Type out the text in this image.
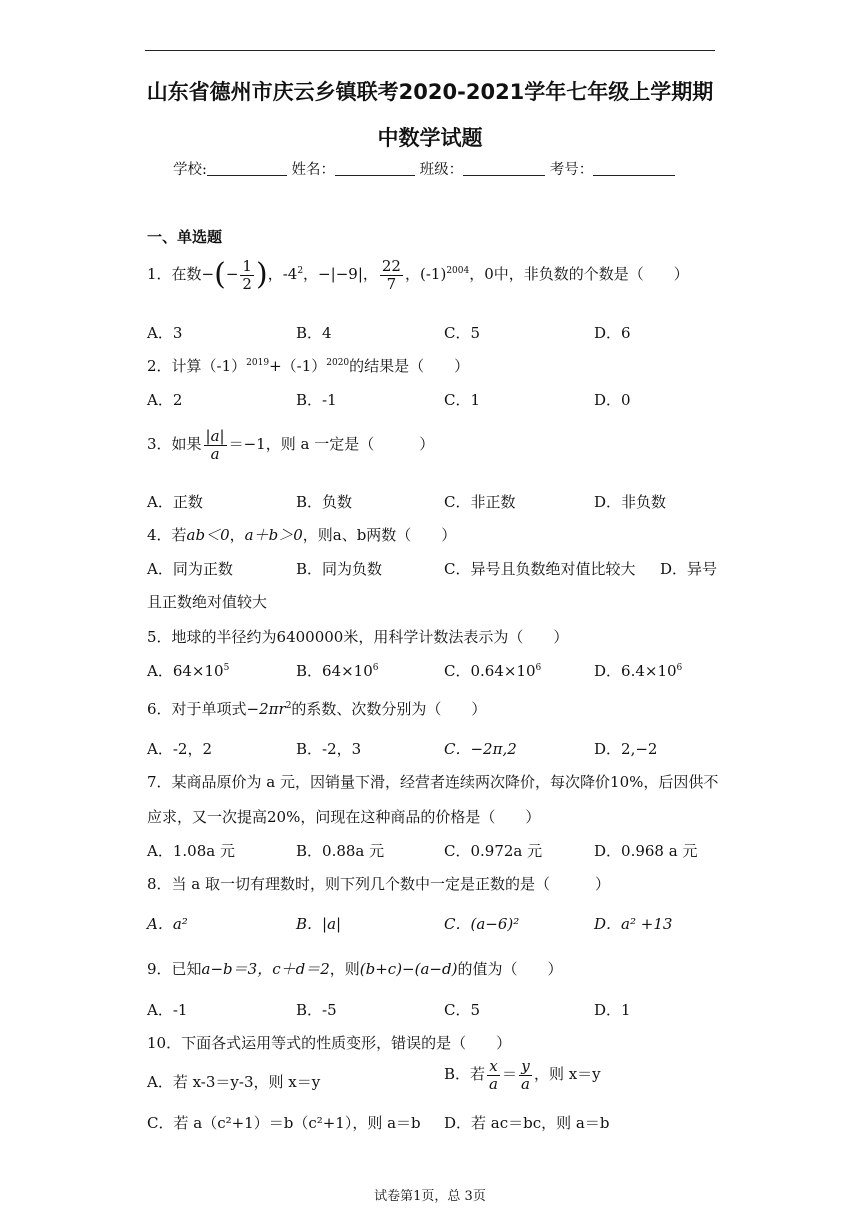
山东省德州市庆云乡镇联考2020-2021学年七年级上学期期
中数学试题
学校:	姓名：	班级：	考号：
一、单选题
1．在数−(− $\frac{1}{2}$ )，$-4^2$，−|−9|， $\frac{22}{7}$ ，$(-1)^{2004}$，0中，非负数的个数是（　　）
A．3	B．4	C．5	D．6
2．计算$(-1)^{2019}+(-1)^{2020}$的结果是（　　）
A．2	B．-1	C．1	D．0
3．如果 $\frac{|a|}{a} =-1$，则 a 一定是（　　　）
A．正数	B．负数	C．非正数	D．非负数
4．若ab＜0，a＋b＞0，则a、b两数（　　）
A．同为正数	B．同为负数	C．异号且负数绝对值比较大 D．异号
且正数绝对值较大
5．地球的半径约为6400000米，用科学计数法表示为（　　）
A．$64\times 10^5$	B．$64\times 10^6$	C．$0.64\times 10^6$	D．$6.4\times 10^6$
6．对于单项式$-2\pi r^2$的系数、次数分别为（　　）
A．-2，2	B．-2，3	C．−2π,2	D．2,−2
7．某商品原价为 a 元，因销量下滑，经营者连续两次降价，每次降价10%，后因供不
应求，又一次提高20%，问现在这种商品的价格是（　　）
A．1.08a 元	B．0.88a 元	C．0.972a 元	D．0.968 a 元
8．当 a 取一切有理数时，则下列几个数中一定是正数的是（　　　）
A．a²	B．|a|	C．(a−6)²	D．a² +13
9．已知a−b＝3，c＋d＝2，则(b+c)−(a−d)的值为（　　）
A．-1	B．-5	C．5	D．1
10．下面各式运用等式的性质变形，错误的是（　　）
A．若 x-3＝y-3，则 x＝y	B．若 $\frac{x}{a} = \frac{y}{a}$ ，则 x＝y
C．若 a（c²+1）＝b（c²+1），则 a＝b D．若 ac＝bc，则 a＝b
试卷第1页，总 3页
